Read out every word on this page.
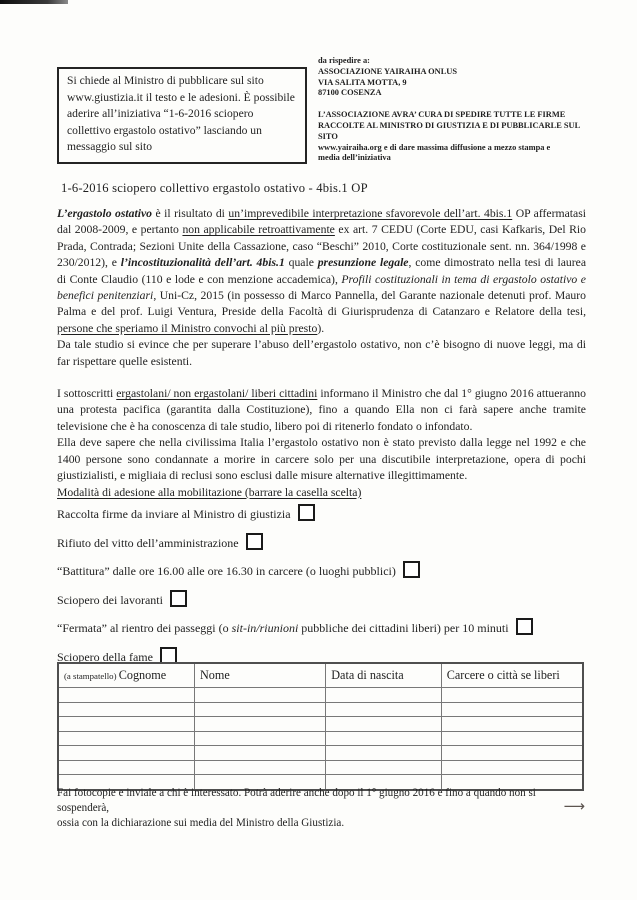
Si chiede al Ministro di pubblicare sul sito www.giustizia.it il testo e le adesioni. È possibile aderire all’iniziativa “1-6-2016 sciopero collettivo ergastolo ostativo” lasciando un messaggio sul sito
da rispedire a:
ASSOCIAZIONE YAIRAIHA ONLUS
VIA SALITA MOTTA, 9
87100 COSENZA
L’ASSOCIAZIONE AVRA’ CURA DI SPEDIRE TUTTE LE FIRME
RACCOLTE AL MINISTRO DI GIUSTIZIA E DI PUBBLICARLE SUL SITO
www.yairaiha.org e di dare massima diffusione a mezzo stampa e
media dell’iniziativa
1-6-2016 sciopero collettivo ergastolo ostativo - 4bis.1 OP

L’ergastolo ostativo è il risultato di un’imprevedibile interpretazione sfavorevole dell’art. 4bis.1 OP affermatasi dal 2008-2009, e pertanto non applicabile retroattivamente ex art. 7 CEDU (Corte EDU, casi Kafkaris, Del Rio Prada, Contrada; Sezioni Unite della Cassazione, caso “Beschi” 2010, Corte costituzionale sent. nn. 364/1998 e 230/2012), e l’incostituzionalità dell’art. 4bis.1 quale presunzione legale, come dimostrato nella tesi di laurea di Conte Claudio (110 e lode e con menzione accademica), Profili costituzionali in tema di ergastolo ostativo e benefici penitenziari, Uni-Cz, 2015 (in possesso di Marco Pannella, del Garante nazionale detenuti prof. Mauro Palma e del prof. Luigi Ventura, Preside della Facoltà di Giurisprudenza di Catanzaro e Relatore della tesi, persone che speriamo il Ministro convochi al più presto).

Da tale studio si evince che per superare l’abuso dell’ergastolo ostativo, non c’è bisogno di nuove leggi, ma di far rispettare quelle esistenti.

I sottoscritti ergastolani/ non ergastolani/ liberi cittadini informano il Ministro che dal 1° giugno 2016 attueranno una protesta pacifica (garantita dalla Costituzione), fino a quando Ella non ci farà sapere anche tramite televisione che è ha conoscenza di tale studio, libero poi di ritenerlo fondato o infondato.

Ella deve sapere che nella civilissima Italia l’ergastolo ostativo non è stato previsto dalla legge nel 1992 e che 1400 persone sono condannate a morire in carcere solo per una discutibile interpretazione, opera di pochi giustizialisti, e migliaia di reclusi sono esclusi dalle misure alternative illegittimamente.

Modalità di adesione alla mobilitazione (barrare la casella scelta)

Raccolta firme da inviare al Ministro di giustizia
Rifiuto del vitto dell’amministrazione
“Battitura” dalle ore 16.00 alle ore 16.30 in carcere (o luoghi pubblici)
Sciopero dei lavoranti
“Fermata” al rientro dei passeggi (o sit-in/riunioni pubbliche dei cittadini liberi) per 10 minuti
Sciopero della fame
(a stampatello) Cognome	Nome	Data di nascita	Carcere o città se liberi

Fai fotocopie e inviale a chi è interessato. Potrà aderire anche dopo il 1° giugno 2016 e fino a quando non si sospenderà,
ossia con la dichiarazione sui media del Ministro della Giustizia.
⟶
